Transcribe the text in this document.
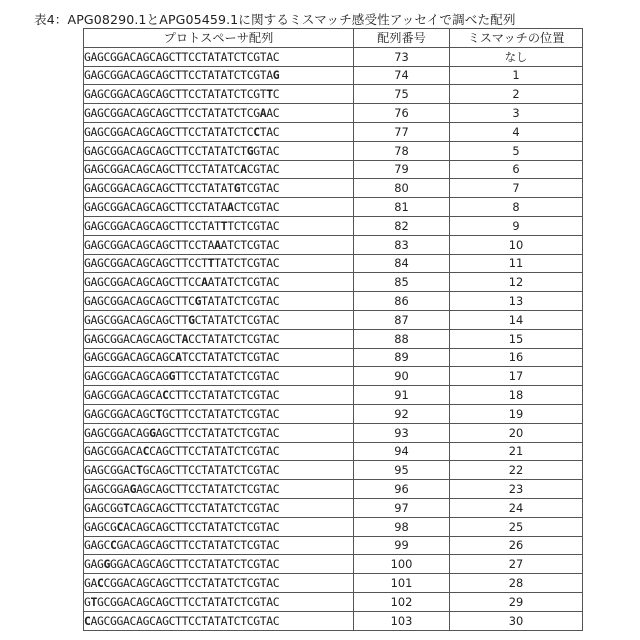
表4：APG08290.1とAPG05459.1に関するミスマッチ感受性アッセイで調べた配列
プロトスペーサ配列	配列番号	ミスマッチの位置
GAGCGGACAGCAGCTTCCTATATCTCGTAC	73	なし
GAGCGGACAGCAGCTTCCTATATCTCGTAG	74	1
GAGCGGACAGCAGCTTCCTATATCTCGTTC	75	2
GAGCGGACAGCAGCTTCCTATATCTCGAAC	76	3
GAGCGGACAGCAGCTTCCTATATCTCCTAC	77	4
GAGCGGACAGCAGCTTCCTATATCTGGTAC	78	5
GAGCGGACAGCAGCTTCCTATATCACGTAC	79	6
GAGCGGACAGCAGCTTCCTATATGTCGTAC	80	7
GAGCGGACAGCAGCTTCCTATAACTCGTAC	81	8
GAGCGGACAGCAGCTTCCTATTTCTCGTAC	82	9
GAGCGGACAGCAGCTTCCTAAATCTCGTAC	83	10
GAGCGGACAGCAGCTTCCTTTATCTCGTAC	84	11
GAGCGGACAGCAGCTTCCAATATCTCGTAC	85	12
GAGCGGACAGCAGCTTCGTATATCTCGTAC	86	13
GAGCGGACAGCAGCTTGCTATATCTCGTAC	87	14
GAGCGGACAGCAGCTACCTATATCTCGTAC	88	15
GAGCGGACAGCAGCATCCTATATCTCGTAC	89	16
GAGCGGACAGCAGGTTCCTATATCTCGTAC	90	17
GAGCGGACAGCACCTTCCTATATCTCGTAC	91	18
GAGCGGACAGCTGCTTCCTATATCTCGTAC	92	19
GAGCGGACAGGAGCTTCCTATATCTCGTAC	93	20
GAGCGGACACCAGCTTCCTATATCTCGTAC	94	21
GAGCGGACTGCAGCTTCCTATATCTCGTAC	95	22
GAGCGGAGAGCAGCTTCCTATATCTCGTAC	96	23
GAGCGGTCAGCAGCTTCCTATATCTCGTAC	97	24
GAGCGCACAGCAGCTTCCTATATCTCGTAC	98	25
GAGCCGACAGCAGCTTCCTATATCTCGTAC	99	26
GAGGGGACAGCAGCTTCCTATATCTCGTAC	100	27
GACCGGACAGCAGCTTCCTATATCTCGTAC	101	28
GTGCGGACAGCAGCTTCCTATATCTCGTAC	102	29
CAGCGGACAGCAGCTTCCTATATCTCGTAC	103	30
